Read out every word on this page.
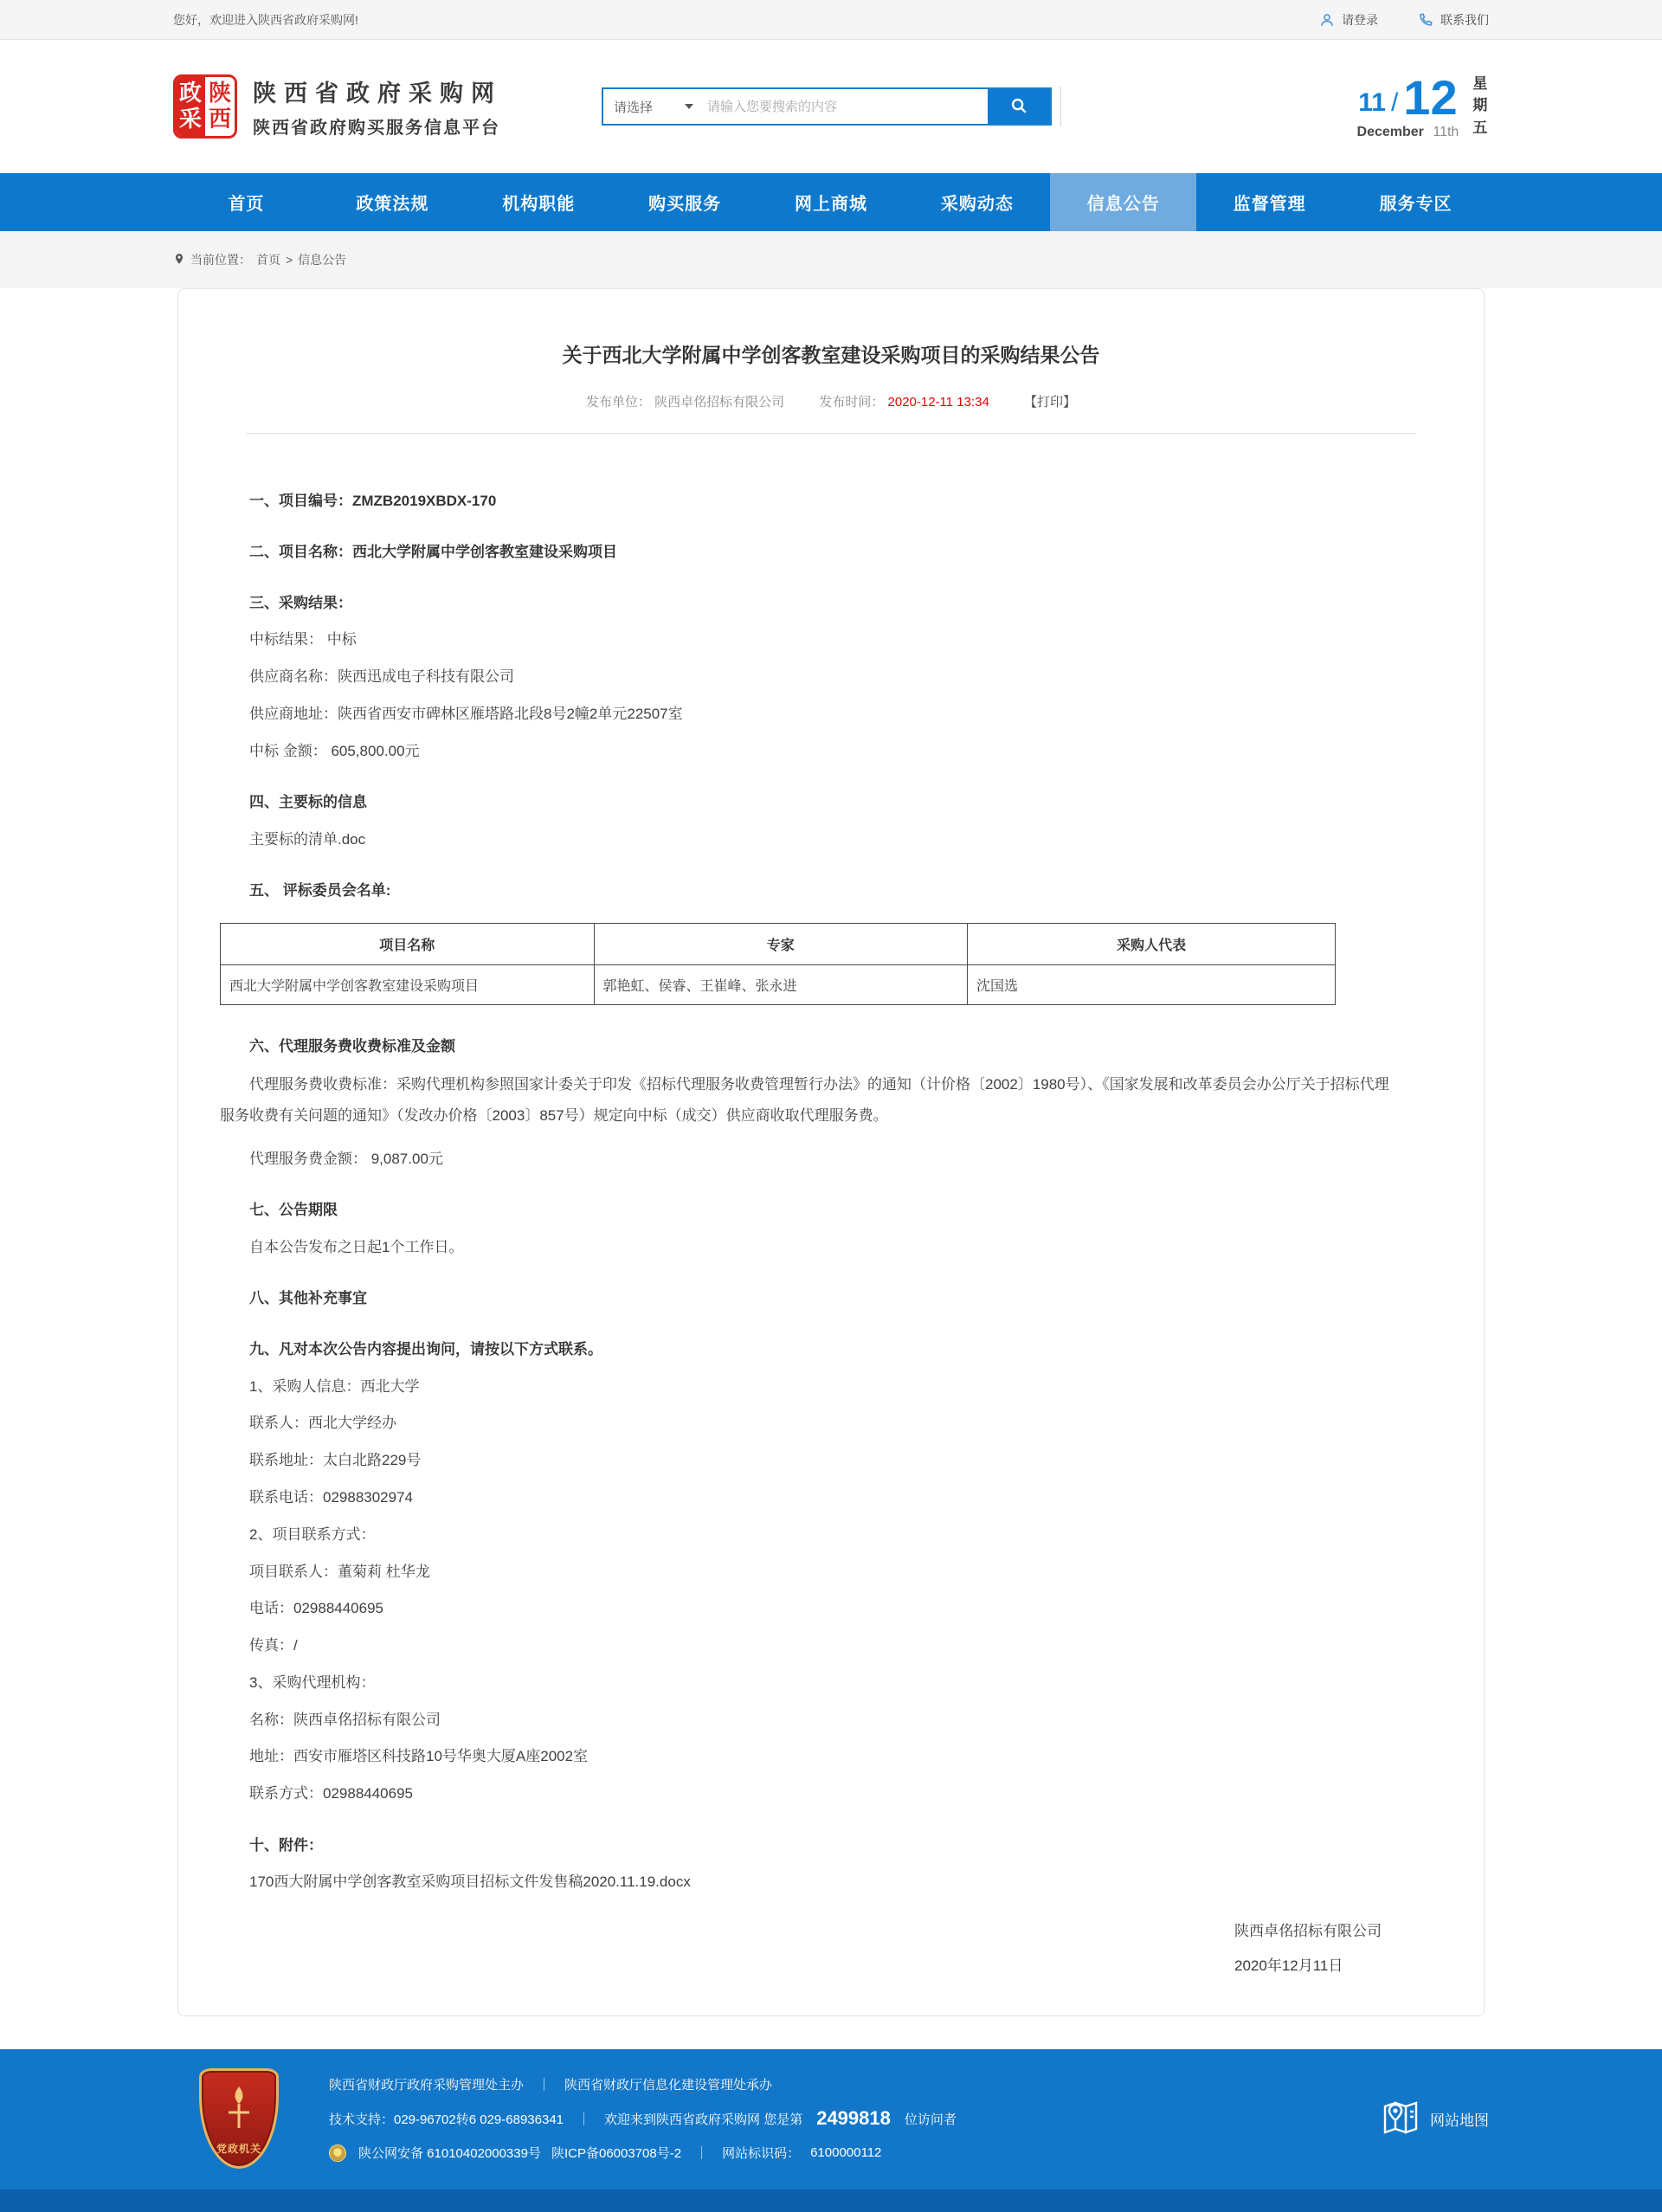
您好，欢迎进入陕西省政府采购网!	请登录	联系我们
政
采
陕
西
陕西省政府采购网
陕西省政府购买服务信息平台
请选择
请输入您要搜索的内容	11 / 12
December 11th
星期五
首页	政策法规	机构职能	购买服务	网上商城	采购动态	信息公告	监督管理	服务专区
当前位置： 首页 > 信息公告
关于西北大学附属中学创客教室建设采购项目的采购结果公告
发布单位： 陕西卓佲招标有限公司	发布时间： 2020-12-11 13:34	【打印】
一、项目编号：ZMZB2019XBDX-170
二、项目名称：西北大学附属中学创客教室建设采购项目
三、采购结果：
中标结果： 中标
供应商名称：陕西迅成电子科技有限公司
供应商地址：陕西省西安市碑林区雁塔路北段8号2幢2单元22507室
中标 金额： 605,800.00元
四、主要标的信息
主要标的清单.doc
五、 评标委员会名单:
项目名称	专家	采购人代表
西北大学附属中学创客教室建设采购项目	郭艳虹、侯睿、王崔峰、张永进	沈国选
六、代理服务费收费标准及金额
代理服务费收费标准：采购代理机构参照国家计委关于印发《招标代理服务收费管理暂行办法》的通知（计价格〔2002〕1980号）、《国家发展和改革委员会办公厅关于招标代理服务收费有关问题的通知》（发改办价格〔2003〕857号）规定向中标（成交）供应商收取代理服务费。
代理服务费金额： 9,087.00元
七、公告期限
自本公告发布之日起1个工作日。
八、其他补充事宜
九、凡对本次公告内容提出询问，请按以下方式联系。
1、采购人信息：西北大学
联系人：西北大学经办
联系地址：太白北路229号
联系电话：02988302974
2、项目联系方式：
项目联系人：董菊莉 杜华龙
电话：02988440695
传真：/
3、采购代理机构：
名称：陕西卓佲招标有限公司
地址：西安市雁塔区科技路10号华奥大厦A座2002室
联系方式：02988440695
十、附件：
170西大附属中学创客教室采购项目招标文件发售稿2020.11.19.docx
陕西卓佲招标有限公司
2020年12月11日
党政机关
陕西省财政厅政府采购管理处主办 ｜ 陕西省财政厅信息化建设管理处承办
技术支持：029-96702转6 029-68936341 ｜ 欢迎来到陕西省政府采购网 您是第 2499818 位访问者
陕公网安备 61010402000339号 陕ICP备06003708号-2 ｜ 网站标识码： 6100000112
网站地图
